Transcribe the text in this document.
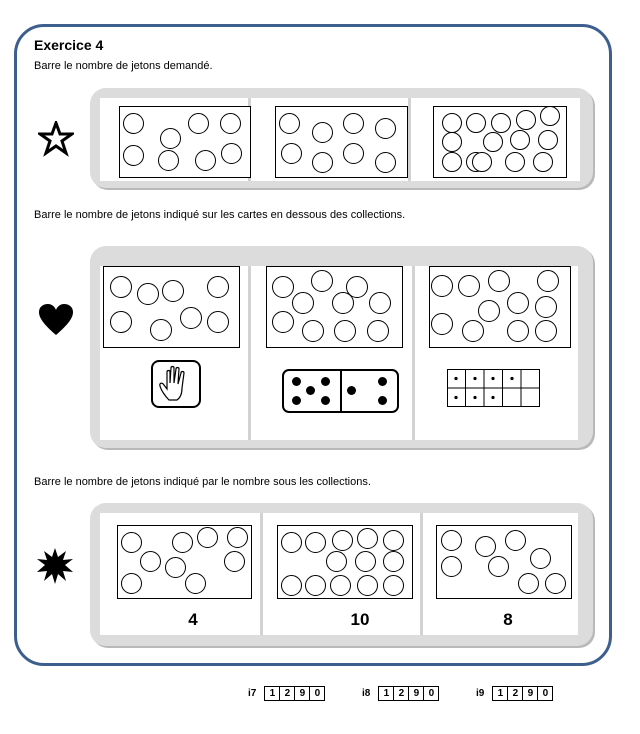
Exercice 4
Barre le nombre de jetons demandé.
Barre le nombre de jetons indiqué sur les cartes en dessous des collections.
Barre le nombre de jetons indiqué par le nombre sous les collections.
4	10	8
i7	1 2 9 0	i8	1 2 9 0	i9	1 2 9 0
